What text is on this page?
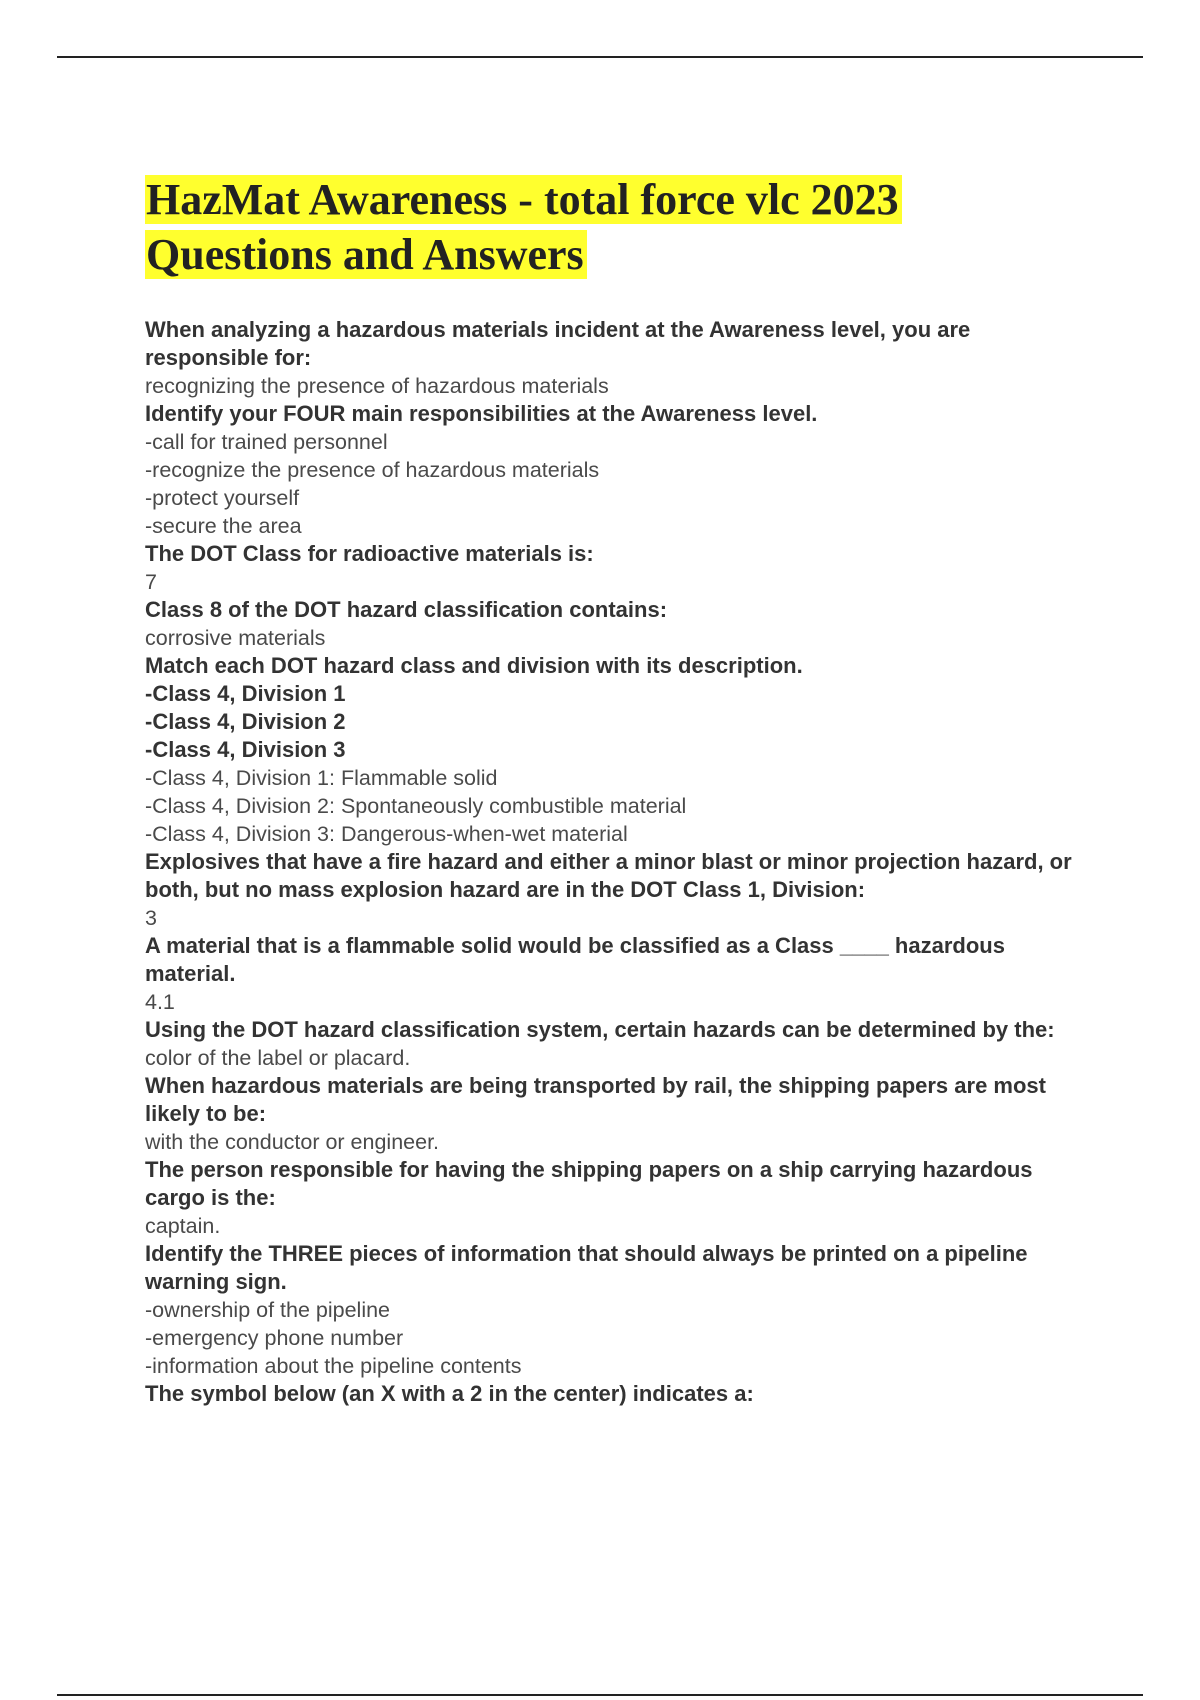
HazMat Awareness - total force vlc 2023
Questions and Answers

When analyzing a hazardous materials incident at the Awareness level, you are responsible for:

recognizing the presence of hazardous materials

Identify your FOUR main responsibilities at the Awareness level.

-call for trained personnel

-recognize the presence of hazardous materials

-protect yourself

-secure the area

The DOT Class for radioactive materials is:

7

Class 8 of the DOT hazard classification contains:

corrosive materials

Match each DOT hazard class and division with its description.

-Class 4, Division 1

-Class 4, Division 2

-Class 4, Division 3

-Class 4, Division 1: Flammable solid

-Class 4, Division 2: Spontaneously combustible material

-Class 4, Division 3: Dangerous-when-wet material

Explosives that have a fire hazard and either a minor blast or minor projection hazard, or both, but no mass explosion hazard are in the DOT Class 1, Division:

3

A material that is a flammable solid would be classified as a Class ____ hazardous material.

4.1

Using the DOT hazard classification system, certain hazards can be determined by the:

color of the label or placard.

When hazardous materials are being transported by rail, the shipping papers are most likely to be:

with the conductor or engineer.

The person responsible for having the shipping papers on a ship carrying hazardous cargo is the:

captain.

Identify the THREE pieces of information that should always be printed on a pipeline warning sign.

-ownership of the pipeline

-emergency phone number

-information about the pipeline contents

The symbol below (an X with a 2 in the center) indicates a:
